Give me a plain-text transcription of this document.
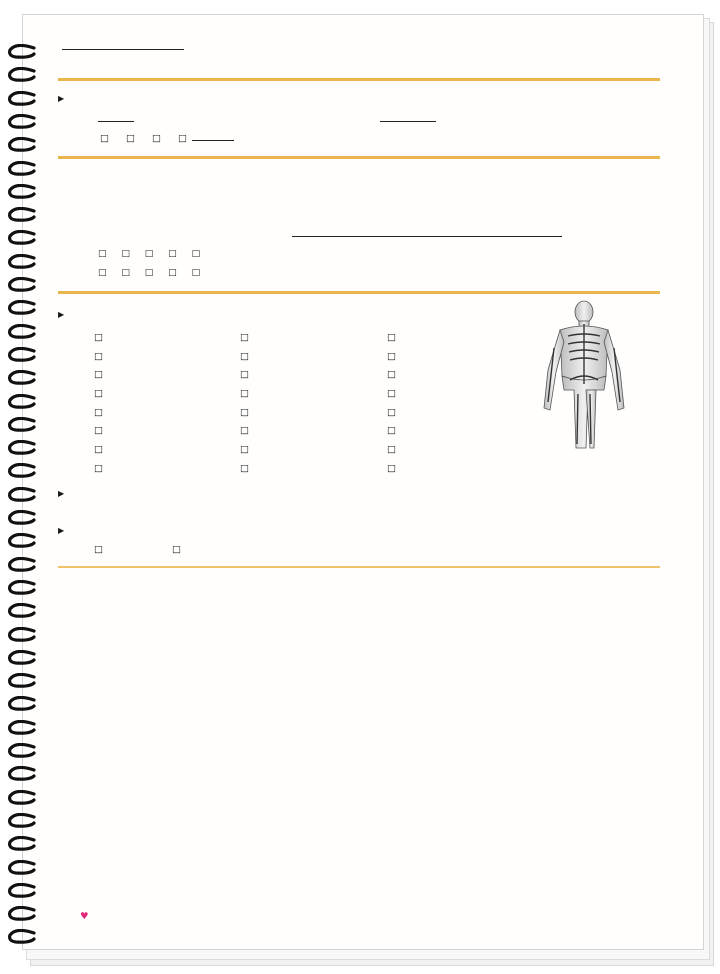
▶
□ □ □ □

□ □ □ □ □
□ □ □ □ □
▶
□
□
□
□
□
□
□
□
□
□
□
□
□
□
□
□
□
□
□
□
□
□
□
□
▶
▶
□ □
♥
